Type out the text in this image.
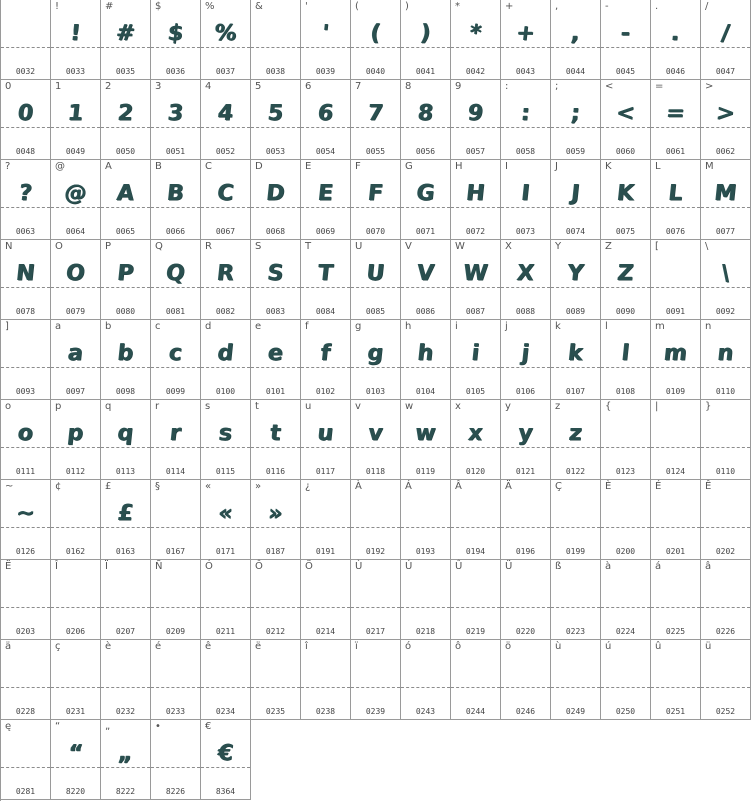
0032
!
!
0033
#
#
0035
$
$
0036
%
%
0037
&
0038
'
'
0039
(
(
0040
)
)
0041
*
*
0042
+
+
0043
,
,
0044
-
-
0045
.
.
0046
/
/
0047
0
0
0048
1
1
0049
2
2
0050
3
3
0051
4
4
0052
5
5
0053
6
6
0054
7
7
0055
8
8
0056
9
9
0057
:
:
0058
;
;
0059
<
<
0060
=
=
0061
>
>
0062
?
?
0063
@
@
0064
A
A
0065
B
B
0066
C
C
0067
D
D
0068
E
E
0069
F
F
0070
G
G
0071
H
H
0072
I
I
0073
J
J
0074
K
K
0075
L
L
0076
M
M
0077
N
N
0078
O
O
0079
P
P
0080
Q
Q
0081
R
R
0082
S
S
0083
T
T
0084
U
U
0085
V
V
0086
W
W
0087
X
X
0088
Y
Y
0089
Z
Z
0090
[
0091
\
\
0092
]
0093
a
a
0097
b
b
0098
c
c
0099
d
d
0100
e
e
0101
f
f
0102
g
g
0103
h
h
0104
i
i
0105
j
j
0106
k
k
0107
l
l
0108
m
m
0109
n
n
0110
o
o
0111
p
p
0112
q
q
0113
r
r
0114
s
s
0115
t
t
0116
u
u
0117
v
v
0118
w
w
0119
x
x
0120
y
y
0121
z
z
0122
{
0123
|
0124
}
0110
~
~
0126
¢
0162
£
£
0163
§
0167
«
«
0171
»
»
0187
¿
0191
À
0192
Á
0193
Â
0194
Ä
0196
Ç
0199
È
0200
É
0201
Ê
0202
Ë
0203
Î
0206
Ï
0207
Ñ
0209
Ó
0211
Ô
0212
Ö
0214
Ù
0217
Ú
0218
Û
0219
Ü
0220
ß
0223
à
0224
á
0225
â
0226
ä
0228
ç
0231
è
0232
é
0233
ê
0234
ë
0235
î
0238
ï
0239
ó
0243
ô
0244
ö
0246
ù
0249
ú
0250
û
0251
ü
0252
ę
0281
“
“
8220
„
„
8222
•
8226
€
€
8364
